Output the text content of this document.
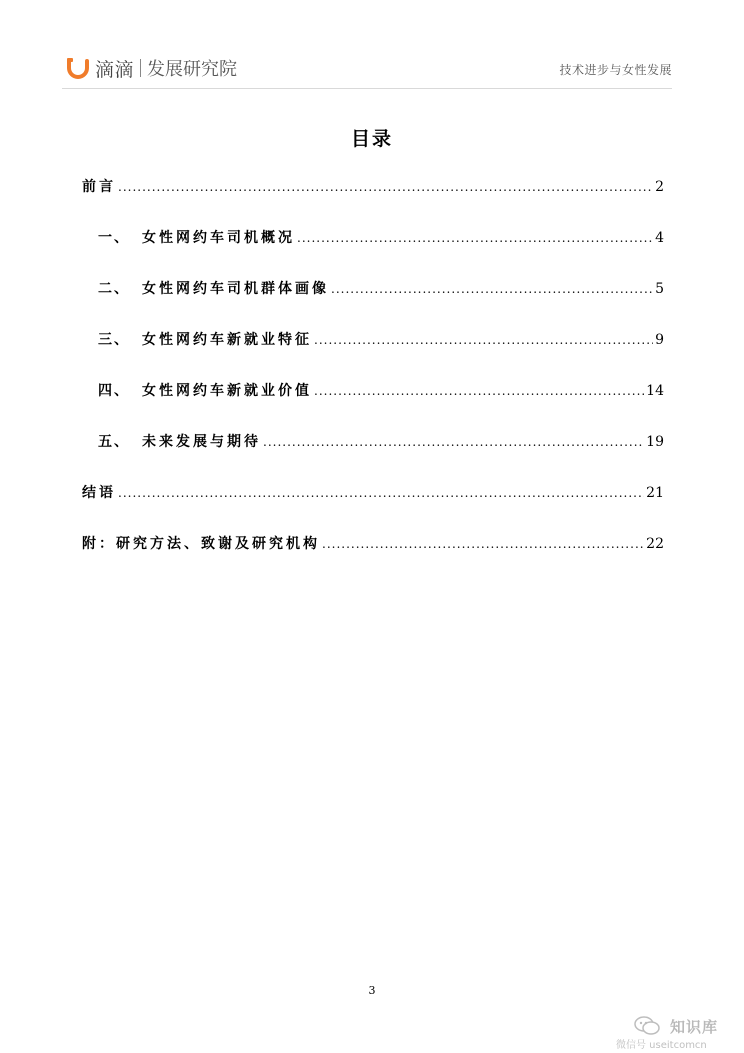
滴滴 发展研究院	技术进步与女性发展
目录
前言 .....	2
一、 女性网约车司机概况 .....	4
二、 女性网约车司机群体画像 .....	5
三、 女性网约车新就业特征 .....	9
四、 女性网约车新就业价值 .....	14
五、 未来发展与期待 .....	19
结语 .....	21
附：研究方法、致谢及研究机构 .....	22
3
知识库
微信号 useitcomcn
